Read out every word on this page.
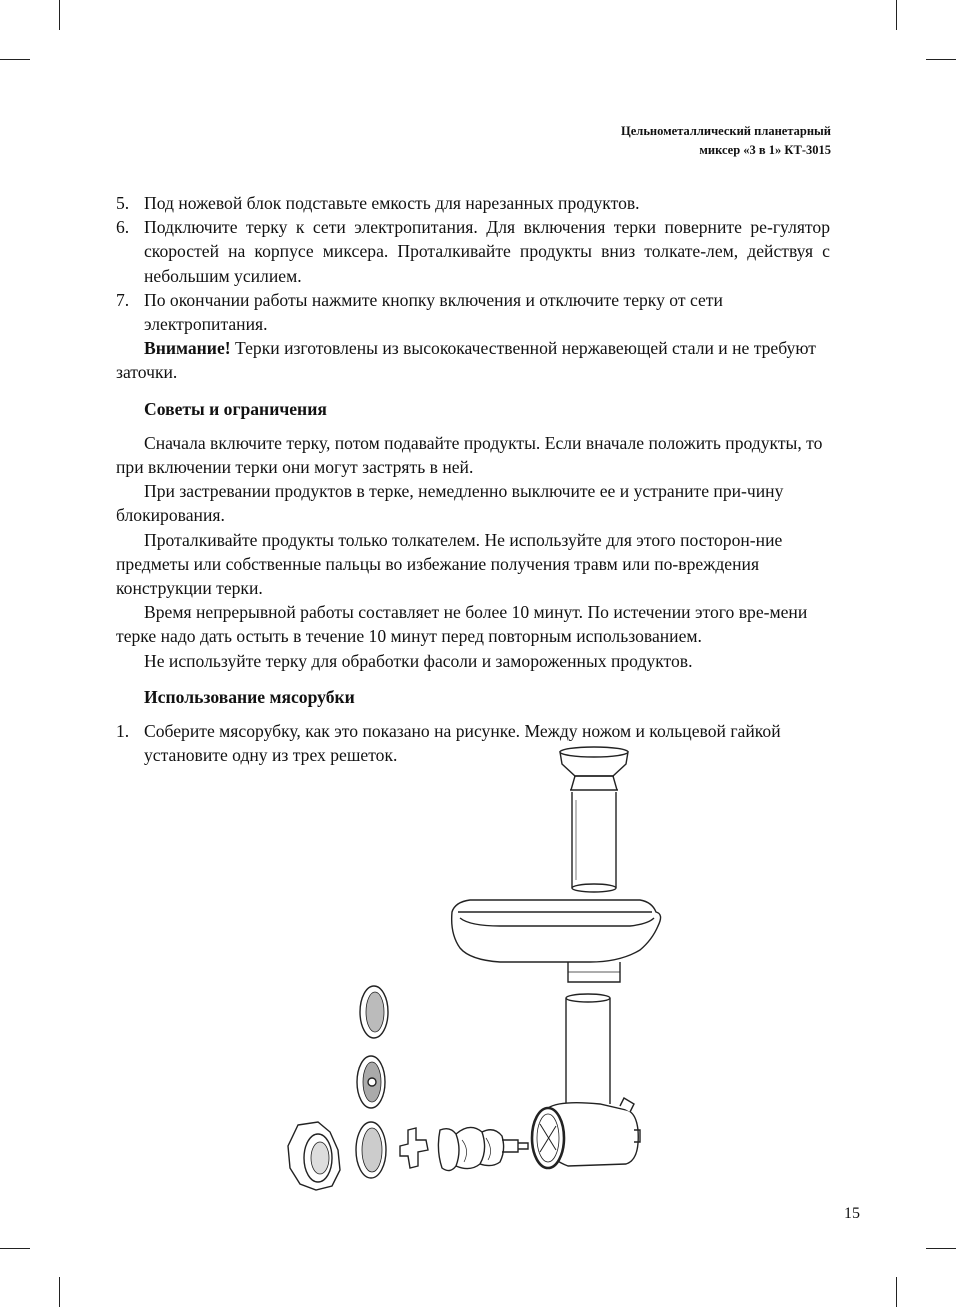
Цельнометаллический планетарный
миксер «3 в 1» КТ-3015
5. Под ножевой блок подставьте емкость для нарезанных продуктов.
6. Подключите терку к сети электропитания. Для включения терки поверните ре-гулятор скоростей на корпусе миксера. Проталкивайте продукты вниз толкате-лем, действуя с небольшим усилием.
7. По окончании работы нажмите кнопку включения и отключите терку от сети электропитания.

Внимание! Терки изготовлены из высококачественной нержавеющей стали и не требуют заточки.

Советы и ограничения

Сначала включите терку, потом подавайте продукты. Если вначале положить продукты, то при включении терки они могут застрять в ней.

При застревании продуктов в терке, немедленно выключите ее и устраните при-чину блокирования.

Проталкивайте продукты только толкателем. Не используйте для этого посторон-ние предметы или собственные пальцы во избежание получения травм или по-вреждения конструкции терки.

Время непрерывной работы составляет не более 10 минут. По истечении этого вре-мени терке надо дать остыть в течение 10 минут перед повторным использованием.

Не используйте терку для обработки фасоли и замороженных продуктов.

Использование мясорубки
1. Соберите мясорубку, как это показано на рисунке. Между ножом и кольцевой гайкой установите одну из трех решеток.
15
